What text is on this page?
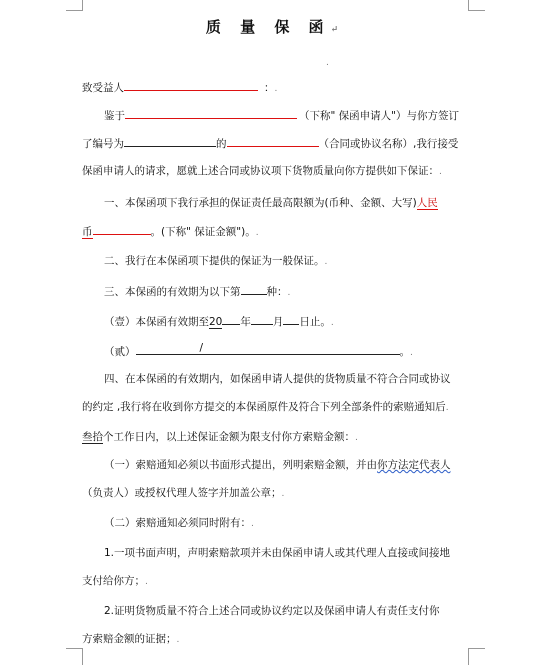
质 量 保 函↵
.
致受益人	：.
鉴于	（下称" 保函申请人"）与你方签订
了编号为	的	（合同或协议名称）,我行接受
保函申请人的请求，愿就上述合同或协议项下货物质量向你方提供如下保证：.
一、本保函项下我行承担的保证责任最高限额为(币种、金额、大写)人民
币	。(下称" 保证金额")。.
二、我行在本保函项下提供的保证为一般保证。.
三、本保函的有效期为以下第 种：.
（壹）本保函有效期至20 年 月 日止。.
（贰）	/	。.
四、在本保函的有效期内，如保函申请人提供的货物质量不符合合同或协议
的约定 ,我行将在收到你方提交的本保函原件及符合下列全部条件的索赔通知后.
叁拾个工作日内，以上述保证金额为限支付你方索赔金额：.
（一）索赔通知必须以书面形式提出，列明索赔金额，并由你方法定代表人
（负责人）或授权代理人签字并加盖公章；.
（二）索赔通知必须同时附有：.
1.一项书面声明，声明索赔款项并未由保函申请人或其代理人直接或间接地
支付给你方；.
2.证明货物质量不符合上述合同或协议约定以及保函申请人有责任支付你
方索赔金额的证据；.
